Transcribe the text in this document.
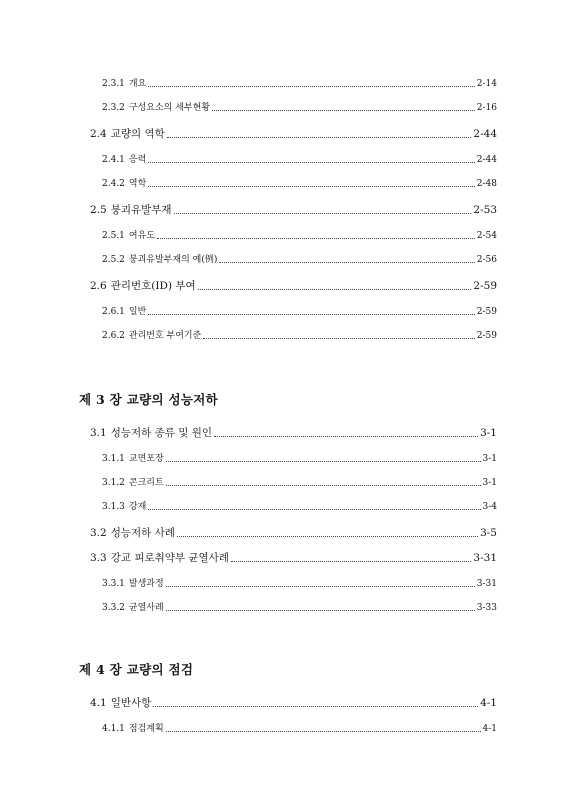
2.3.1 개요	2-14
2.3.2 구성요소의 세부현황	2-16
2.4 교량의 역학	2-44
2.4.1 응력	2-44
2.4.2 역학	2-48
2.5 붕괴유발부재	2-53
2.5.1 여유도	2-54
2.5.2 붕괴유발부재의 예(例)	2-56
2.6 관리번호(ID) 부여	2-59
2.6.1 일반	2-59
2.6.2 관리번호 부여기준	2-59
제 3 장 교량의 성능저하
3.1 성능저하 종류 및 원인	3-1
3.1.1 교면포장	3-1
3.1.2 콘크리트	3-1
3.1.3 강재	3-4
3.2 성능저하 사례	3-5
3.3 강교 피로취약부 균열사례	3-31
3.3.1 발생과정	3-31
3.3.2 균열사례	3-33
제 4 장 교량의 점검
4.1 일반사항	4-1
4.1.1 점검계획	4-1
